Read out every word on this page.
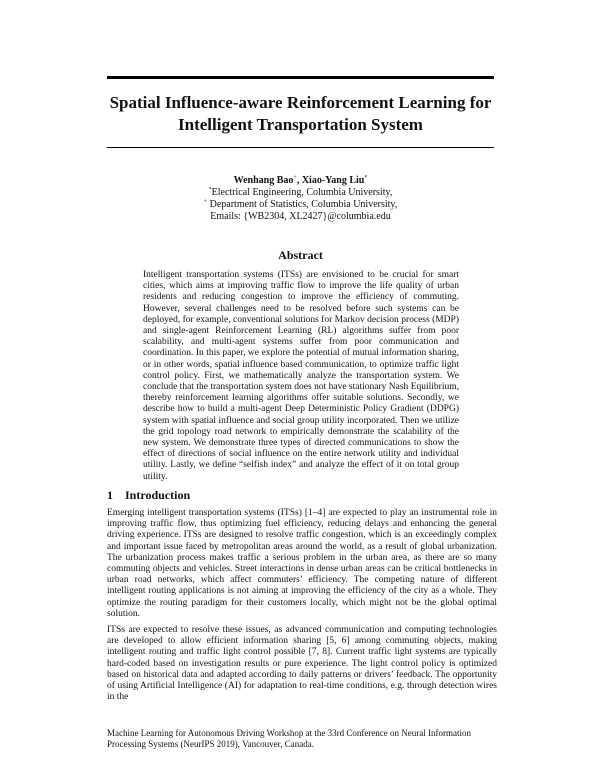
Spatial Influence-aware Reinforcement Learning for
Intelligent Transportation System
Wenhang Bao+, Xiao-Yang Liu*
*Electrical Engineering, Columbia University,
+ Department of Statistics, Columbia University,
Emails: {WB2304, XL2427}@columbia.edu
Abstract
Intelligent transportation systems (ITSs) are envisioned to be crucial for smart cities, which aims at improving traffic flow to improve the life quality of urban residents and reducing congestion to improve the efficiency of commuting. However, several challenges need to be resolved before such systems can be deployed, for example, conventional solutions for Markov decision process (MDP) and single-agent Reinforcement Learning (RL) algorithms suffer from poor scalability, and multi-agent systems suffer from poor communication and coordination. In this paper, we explore the potential of mutual information sharing, or in other words, spatial influence based communication, to optimize traffic light control policy. First, we mathematically analyze the transportation system. We conclude that the transportation system does not have stationary Nash Equilibrium, thereby reinforcement learning algorithms offer suitable solutions. Secondly, we describe how to build a multi-agent Deep Deterministic Policy Gradient (DDPG) system with spatial influence and social group utility incorporated. Then we utilize the grid topology road network to empirically demonstrate the scalability of the new system. We demonstrate three types of directed communications to show the effect of directions of social influence on the entire network utility and individual utility. Lastly, we define “selfish index” and analyze the effect of it on total group utility.
1 Introduction

Emerging intelligent transportation systems (ITSs) [1–4] are expected to play an instrumental role in improving traffic flow, thus optimizing fuel efficiency, reducing delays and enhancing the general driving experience. ITSs are designed to resolve traffic congestion, which is an exceedingly complex and important issue faced by metropolitan areas around the world, as a result of global urbanization. The urbanization process makes traffic a serious problem in the urban area, as there are so many commuting objects and vehicles. Street interactions in dense urban areas can be critical bottlenecks in urban road networks, which affect commuters’ efficiency. The competing nature of different intelligent routing applications is not aiming at improving the efficiency of the city as a whole. They optimize the routing paradigm for their customers locally, which might not be the global optimal solution.

ITSs are expected to resolve these issues, as advanced communication and computing technologies are developed to allow efficient information sharing [5, 6] among commuting objects, making intelligent routing and traffic light control possible [7, 8]. Current traffic light systems are typically hard-coded based on investigation results or pure experience. The light control policy is optimized based on historical data and adapted according to daily patterns or drivers’ feedback. The opportunity of using Artificial Intelligence (AI) for adaptation to real-time conditions, e.g. through detection wires in the

Machine Learning for Autonomous Driving Workshop at the 33rd Conference on Neural Information Processing Systems (NeurIPS 2019), Vancouver, Canada.
